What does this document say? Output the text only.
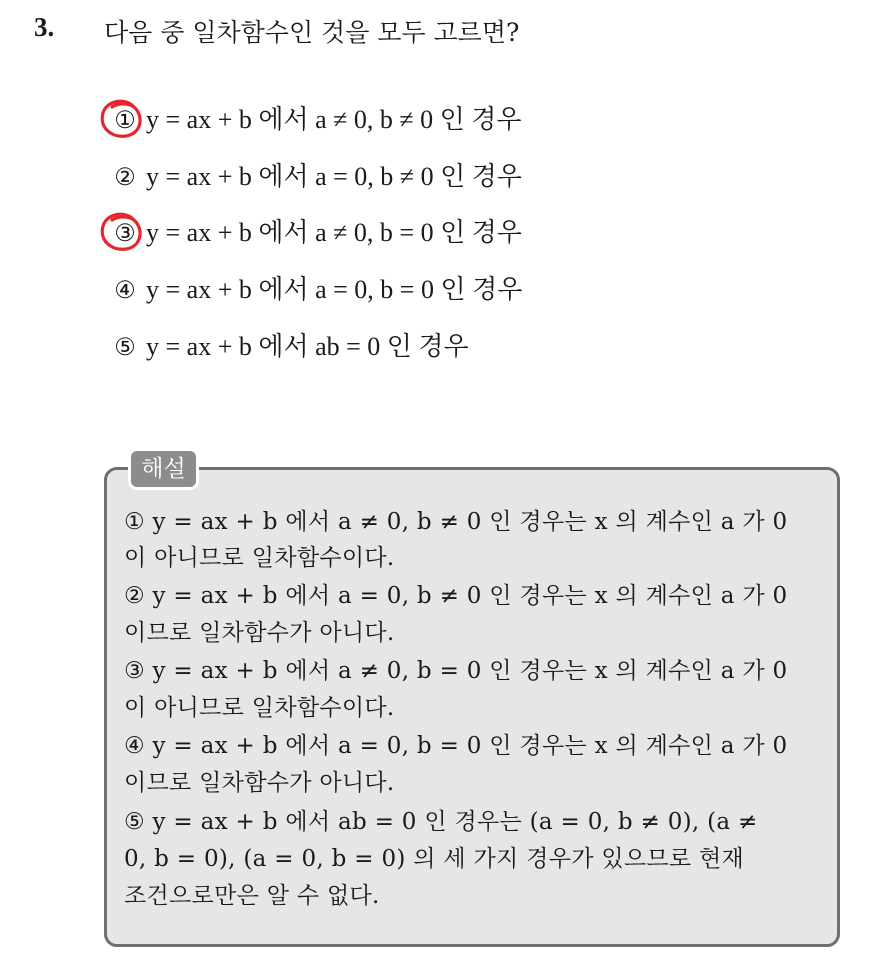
3. 다음 중 일차함수인 것을 모두 고르면?
① y = ax + b 에서 a ≠ 0, b ≠ 0 인 경우
② y = ax + b 에서 a = 0, b ≠ 0 인 경우
③ y = ax + b 에서 a ≠ 0, b = 0 인 경우
④ y = ax + b 에서 a = 0, b = 0 인 경우
⑤ y = ax + b 에서 ab = 0 인 경우
해설
① y = ax + b 에서 a ≠ 0, b ≠ 0 인 경우는 x 의 계수인 a 가 0
이 아니므로 일차함수이다.
② y = ax + b 에서 a = 0, b ≠ 0 인 경우는 x 의 계수인 a 가 0
이므로 일차함수가 아니다.
③ y = ax + b 에서 a ≠ 0, b = 0 인 경우는 x 의 계수인 a 가 0
이 아니므로 일차함수이다.
④ y = ax + b 에서 a = 0, b = 0 인 경우는 x 의 계수인 a 가 0
이므로 일차함수가 아니다.
⑤ y = ax + b 에서 ab = 0 인 경우는 (a = 0, b ≠ 0), (a ≠
0, b = 0), (a = 0, b = 0) 의 세 가지 경우가 있으므로 현재
조건으로만은 알 수 없다.
